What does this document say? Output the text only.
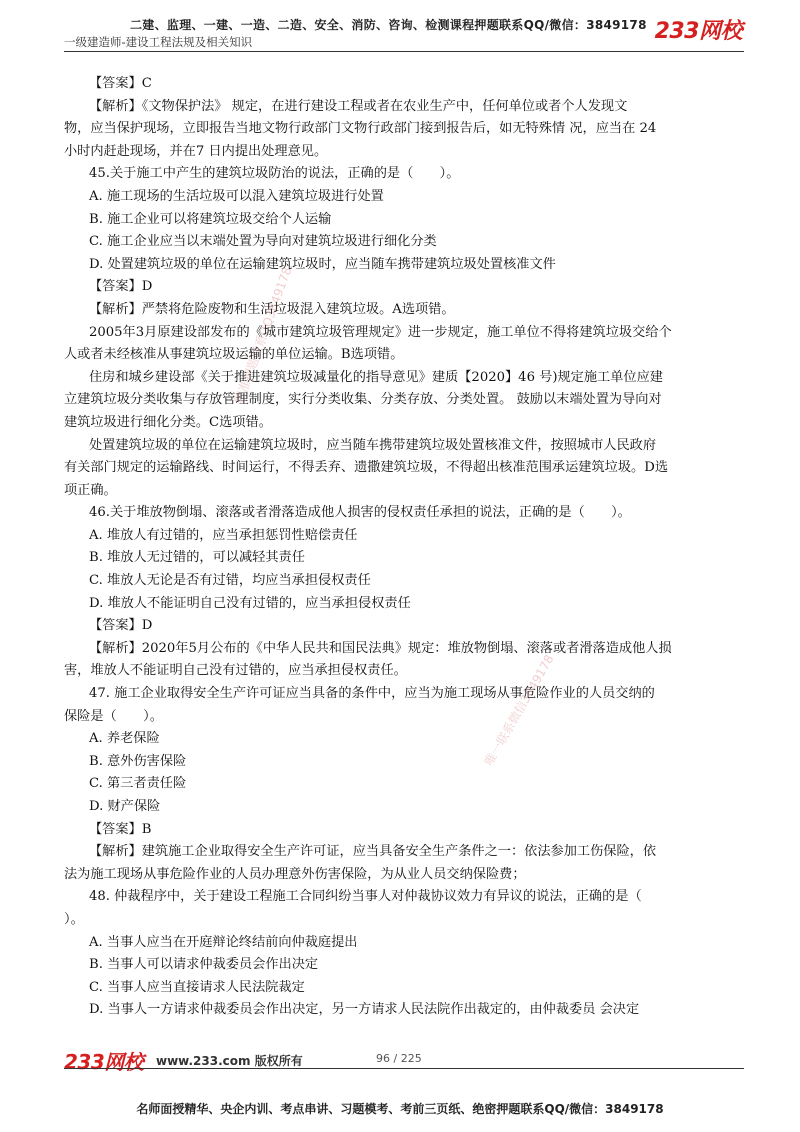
二建、监理、一建、一造、二造、安全、消防、咨询、检测课程押题联系QQ/微信：3849178
一级建造师-建设工程法规及相关知识	233网校
精准押题联系QQ3849178
唯一联系微信3849178
【答案】C
【解析】《文物保护法》 规定，在进行建设工程或者在农业生产中，任何单位或者个人发现文
物，应当保护现场，立即报告当地文物行政部门文物行政部门接到报告后，如无特殊情 况，应当在 24
小时内赶赴现场，并在7 日内提出处理意见。
45.关于施工中产生的建筑垃圾防治的说法，正确的是（　　）。
A. 施工现场的生活垃圾可以混入建筑垃圾进行处置
B. 施工企业可以将建筑垃圾交给个人运输
C. 施工企业应当以末端处置为导向对建筑垃圾进行细化分类
D. 处置建筑垃圾的单位在运输建筑垃圾时，应当随车携带建筑垃圾处置核准文件
【答案】D
【解析】严禁将危险废物和生活垃圾混入建筑垃圾。A选项错。
2005年3月原建设部发布的《城市建筑垃圾管理规定》进一步规定，施工单位不得将建筑垃圾交给个
人或者未经核准从事建筑垃圾运输的单位运输。B选项错。
住房和城乡建设部《关于推进建筑垃圾减量化的指导意见》建质【2020】46 号)规定施工单位应建
立建筑垃圾分类收集与存放管理制度，实行分类收集、分类存放、分类处置。 鼓励以末端处置为导向对
建筑垃圾进行细化分类。C选项错。
处置建筑垃圾的单位在运输建筑垃圾时，应当随车携带建筑垃圾处置核准文件，按照城市人民政府
有关部门规定的运输路线、时间运行，不得丢弃、遗撒建筑垃圾，不得超出核准范围承运建筑垃圾。D选
项正确。
46.关于堆放物倒塌、滚落或者滑落造成他人损害的侵权责任承担的说法，正确的是（　　）。
A. 堆放人有过错的，应当承担惩罚性赔偿责任
B. 堆放人无过错的，可以减轻其责任
C. 堆放人无论是否有过错，均应当承担侵权责任
D. 堆放人不能证明自己没有过错的，应当承担侵权责任
【答案】D
【解析】2020年5月公布的《中华人民共和国民法典》规定：堆放物倒塌、滚落或者滑落造成他人损
害，堆放人不能证明自己没有过错的，应当承担侵权责任。
47. 施工企业取得安全生产许可证应当具备的条件中，应当为施工现场从事危险作业的人员交纳的
保险是（　　）。
A. 养老保险
B. 意外伤害保险
C. 第三者责任险
D. 财产保险
【答案】B
【解析】建筑施工企业取得安全生产许可证，应当具备安全生产条件之一：依法参加工伤保险，依
法为施工现场从事危险作业的人员办理意外伤害保险，为从业人员交纳保险费；
48. 仲裁程序中，关于建设工程施工合同纠纷当事人对仲裁协议效力有异议的说法，正确的是（
）。
A. 当事人应当在开庭辩论终结前向仲裁庭提出
B. 当事人可以请求仲裁委员会作出决定
C. 当事人应当直接请求人民法院裁定
D. 当事人一方请求仲裁委员会作出决定，另一方请求人民法院作出裁定的，由仲裁委员 会决定
233网校 www.233.com 版权所有	96 / 225
名师面授精华、央企内训、考点串讲、习题模考、考前三页纸、绝密押题联系QQ/微信：3849178
